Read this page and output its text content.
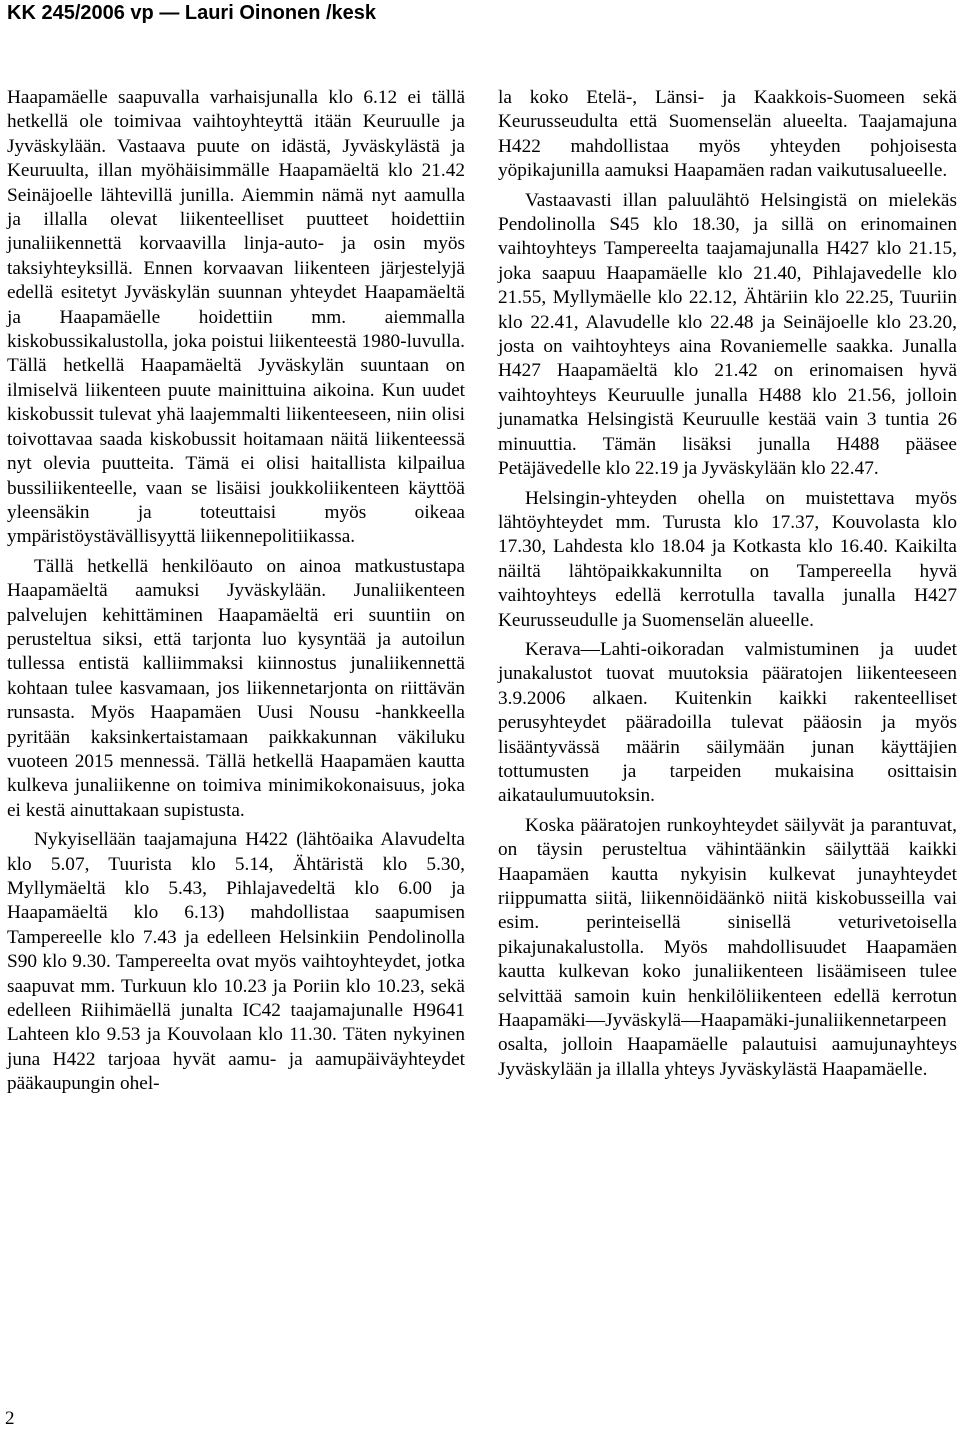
KK 245/2006 vp — Lauri Oinonen /kesk

Haapamäelle saapuvalla varhaisjunalla klo 6.12 ei tällä hetkellä ole toimivaa vaihtoyhteyttä itään Keuruulle ja Jyväskylään. Vastaava puute on idästä, Jyväskylästä ja Keuruulta, illan myöhäisimmälle Haapamäeltä klo 21.42 Seinäjoelle lähtevillä junilla. Aiemmin nämä nyt aamulla ja illalla olevat liikenteelliset puutteet hoidettiin junaliikennettä korvaavilla linja-auto- ja osin myös taksiyhteyksillä. Ennen korvaavan liikenteen järjestelyjä edellä esitetyt Jyväskylän suunnan yhteydet Haapamäeltä ja Haapamäelle hoidettiin mm. aiemmalla kiskobussikalustolla, joka poistui liikenteestä 1980-luvulla. Tällä hetkellä Haapamäeltä Jyväskylän suuntaan on ilmiselvä liikenteen puute mainittuina aikoina. Kun uudet kiskobussit tulevat yhä laajemmalti liikenteeseen, niin olisi toivottavaa saada kiskobussit hoitamaan näitä liikenteessä nyt olevia puutteita. Tämä ei olisi haitallista kilpailua bussiliikenteelle, vaan se lisäisi joukkoliikenteen käyttöä yleensäkin ja toteuttaisi myös oikeaa ympäristöystävällisyyttä liikennepolitiikassa.

Tällä hetkellä henkilöauto on ainoa matkustustapa Haapamäeltä aamuksi Jyväskylään. Junaliikenteen palvelujen kehittäminen Haapamäeltä eri suuntiin on perusteltua siksi, että tarjonta luo kysyntää ja autoilun tullessa entistä kalliimmaksi kiinnostus junaliikennettä kohtaan tulee kasvamaan, jos liikennetarjonta on riittävän runsasta. Myös Haapamäen Uusi Nousu -hankkeella pyritään kaksinkertaistamaan paikkakunnan väkiluku vuoteen 2015 mennessä. Tällä hetkellä Haapamäen kautta kulkeva junaliikenne on toimiva minimikokonaisuus, joka ei kestä ainuttakaan supistusta.

Nykyisellään taajamajuna H422 (lähtöaika Alavudelta klo 5.07, Tuurista klo 5.14, Ähtäristä klo 5.30, Myllymäeltä klo 5.43, Pihlajavedeltä klo 6.00 ja Haapamäeltä klo 6.13) mahdollistaa saapumisen Tampereelle klo 7.43 ja edelleen Helsinkiin Pendolinolla S90 klo 9.30. Tampereelta ovat myös vaihtoyhteydet, jotka saapuvat mm. Turkuun klo 10.23 ja Poriin klo 10.23, sekä edelleen Riihimäellä junalta IC42 taajamajunalle H9641 Lahteen klo 9.53 ja Kouvolaan klo 11.30. Täten nykyinen juna H422 tarjoaa hyvät aamu- ja aamupäiväyhteydet pääkaupungin ohel-

la koko Etelä-, Länsi- ja Kaakkois-Suomeen sekä Keurusseudulta että Suomenselän alueelta. Taajamajuna H422 mahdollistaa myös yhteyden pohjoisesta yöpikajunilla aamuksi Haapamäen radan vaikutusalueelle.

Vastaavasti illan paluulähtö Helsingistä on mielekäs Pendolinolla S45 klo 18.30, ja sillä on erinomainen vaihtoyhteys Tampereelta taajamajunalla H427 klo 21.15, joka saapuu Haapamäelle klo 21.40, Pihlajavedelle klo 21.55, Myllymäelle klo 22.12, Ähtäriin klo 22.25, Tuuriin klo 22.41, Alavudelle klo 22.48 ja Seinäjoelle klo 23.20, josta on vaihtoyhteys aina Rovaniemelle saakka. Junalla H427 Haapamäeltä klo 21.42 on erinomaisen hyvä vaihtoyhteys Keuruulle junalla H488 klo 21.56, jolloin junamatka Helsingistä Keuruulle kestää vain 3 tuntia 26 minuuttia. Tämän lisäksi junalla H488 pääsee Petäjävedelle klo 22.19 ja Jyväskylään klo 22.47.

Helsingin-yhteyden ohella on muistettava myös lähtöyhteydet mm. Turusta klo 17.37, Kouvolasta klo 17.30, Lahdesta klo 18.04 ja Kotkasta klo 16.40. Kaikilta näiltä lähtöpaikkakunnilta on Tampereella hyvä vaihtoyhteys edellä kerrotulla tavalla junalla H427 Keurusseudulle ja Suomenselän alueelle.

Kerava—Lahti-oikoradan valmistuminen ja uudet junakalustot tuovat muutoksia pääratojen liikenteeseen 3.9.2006 alkaen. Kuitenkin kaikki rakenteelliset perusyhteydet pääradoilla tulevat pääosin ja myös lisääntyvässä määrin säilymään junan käyttäjien tottumusten ja tarpeiden mukaisina osittaisin aikataulumuutoksin.

Koska pääratojen runkoyhteydet säilyvät ja parantuvat, on täysin perusteltua vähintäänkin säilyttää kaikki Haapamäen kautta nykyisin kulkevat junayhteydet riippumatta siitä, liikennöidäänkö niitä kiskobusseilla vai esim. perinteisellä sinisellä veturivetoisella pikajunakalustolla. Myös mahdollisuudet Haapamäen kautta kulkevan koko junaliikenteen lisäämiseen tulee selvittää samoin kuin henkilöliikenteen edellä kerrotun Haapamäki—Jyväskylä—Haapamäki-junaliikennetarpeen osalta, jolloin Haapamäelle palautuisi aamujunayhteys Jyväskylään ja illalla yhteys Jyväskylästä Haapamäelle.

2
